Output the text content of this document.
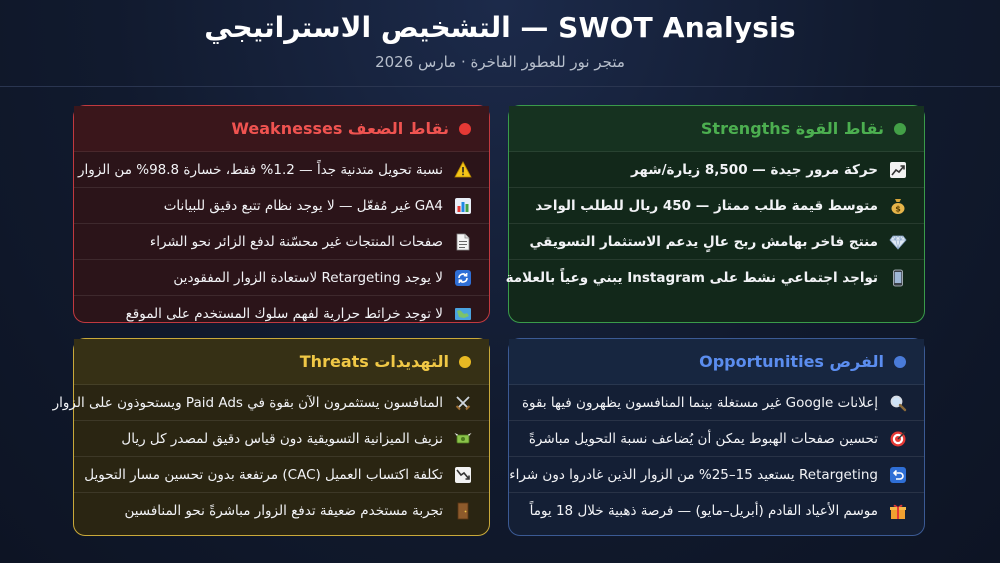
التشخيص الاستراتيجي — SWOT Analysis
متجر نور للعطور الفاخرة · مارس 2026
نقاط الضعف Weaknesses
نسبة تحويل متدنية جداً — 1.2% فقط، خسارة 98.8% من الزوار
GA4 غير مُفعّل — لا يوجد نظام تتبع دقيق للبيانات
صفحات المنتجات غير محسّنة لدفع الزائر نحو الشراء
لا يوجد Retargeting لاستعادة الزوار المفقودين
لا توجد خرائط حرارية لفهم سلوك المستخدم على الموقع
نقاط القوة Strengths
حركة مرور جيدة — 8,500 زيارة/شهر
$
متوسط قيمة طلب ممتاز — 450 ريال للطلب الواحد
منتج فاخر بهامش ربح عالٍ يدعم الاستثمار التسويقي
تواجد اجتماعي نشط على Instagram يبني وعياً بالعلامة
التهديدات Threats
المنافسون يستثمرون الآن بقوة في Paid Ads ويستحوذون على الزوار
نزيف الميزانية التسويقية دون قياس دقيق لمصدر كل ريال
تكلفة اكتساب العميل (CAC) مرتفعة بدون تحسين مسار التحويل
تجربة مستخدم ضعيفة تدفع الزوار مباشرةً نحو المنافسين
الفرص Opportunities
إعلانات Google غير مستغلة بينما المنافسون يظهرون فيها بقوة
تحسين صفحات الهبوط يمكن أن يُضاعف نسبة التحويل مباشرةً
Retargeting يستعيد 15–25% من الزوار الذين غادروا دون شراء
موسم الأعياد القادم (أبريل–مايو) — فرصة ذهبية خلال 18 يوماً
